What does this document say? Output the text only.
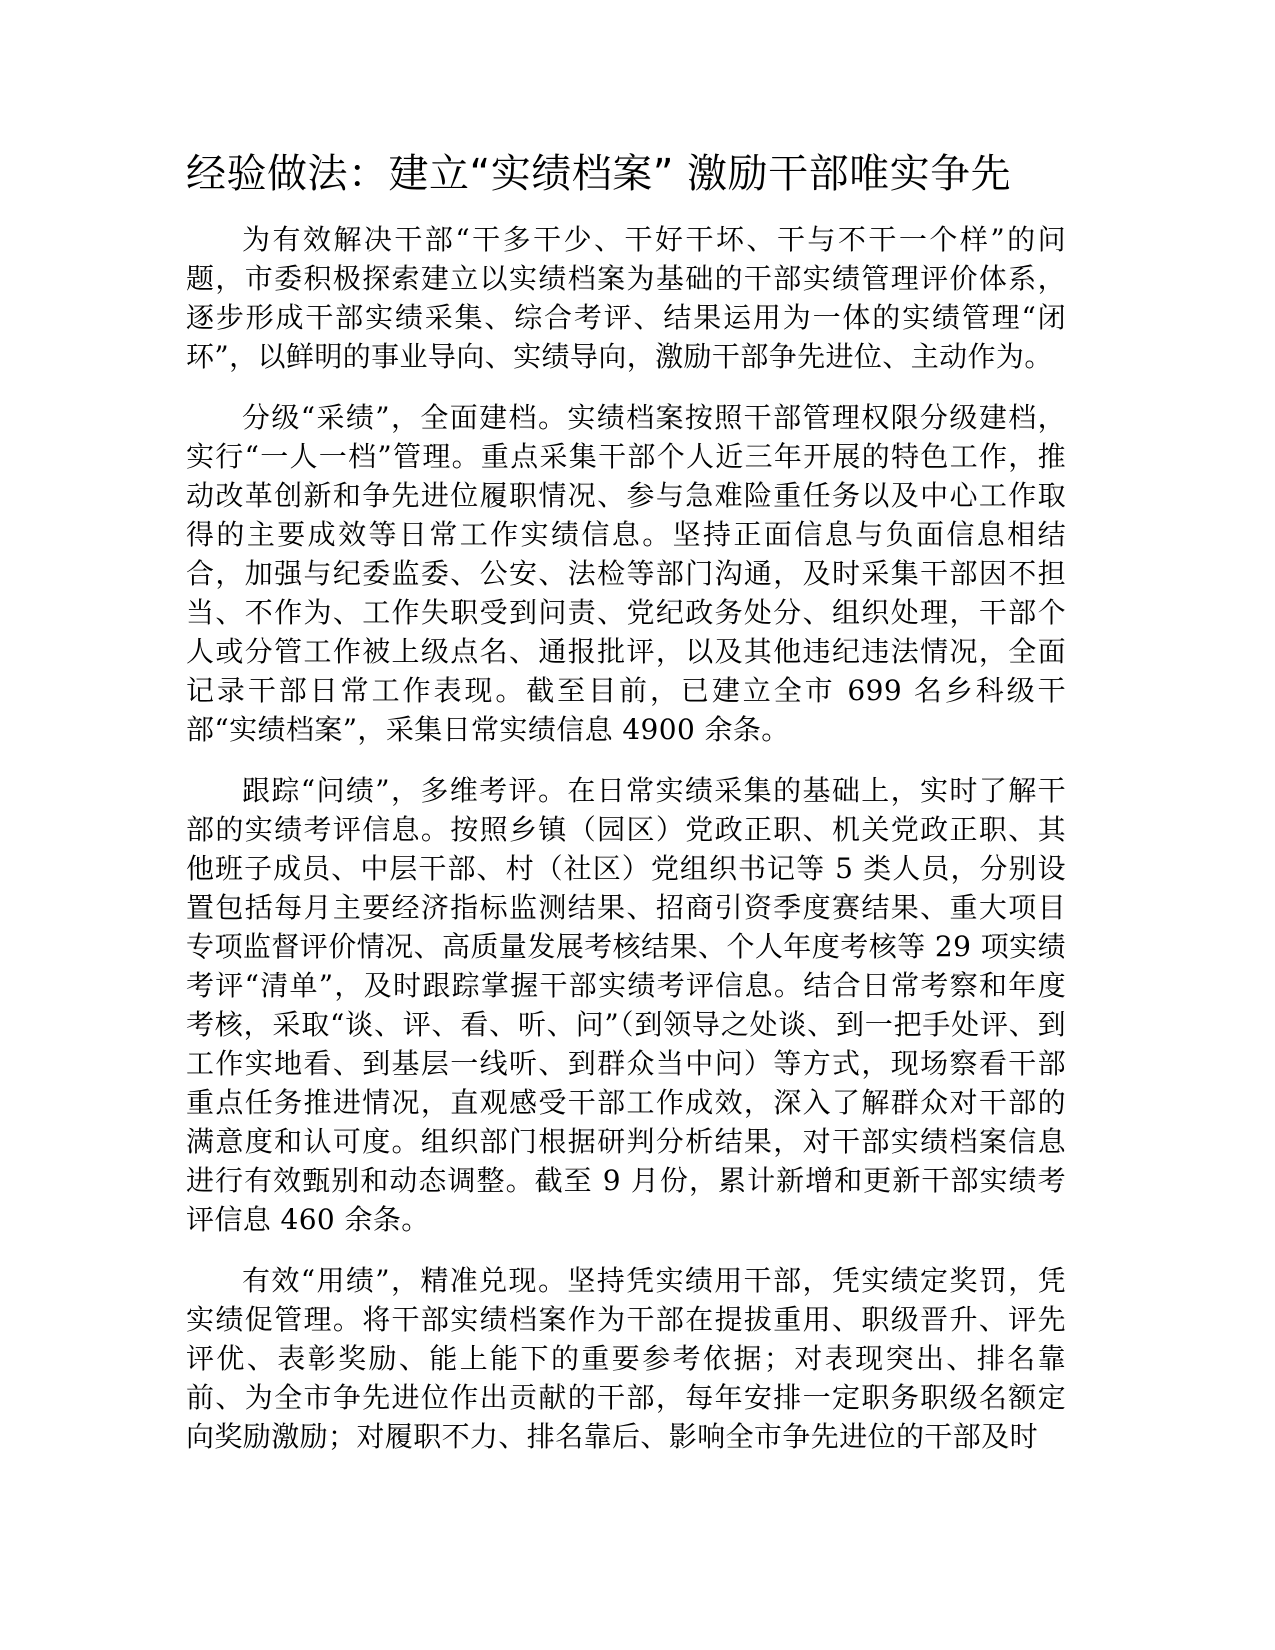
经验做法：建立“实绩档案” 激励干部唯实争先

为有效解决干部“干多干少、干好干坏、干与不干一个样”的问题，市委积极探索建立以实绩档案为基础的干部实绩管理评价体系，逐步形成干部实绩采集、综合考评、结果运用为一体的实绩管理“闭环”，以鲜明的事业导向、实绩导向，激励干部争先进位、主动作为。

分级“采绩”，全面建档。实绩档案按照干部管理权限分级建档，实行“一人一档”管理。重点采集干部个人近三年开展的特色工作，推动改革创新和争先进位履职情况、参与急难险重任务以及中心工作取得的主要成效等日常工作实绩信息。坚持正面信息与负面信息相结合，加强与纪委监委、公安、法检等部门沟通，及时采集干部因不担当、不作为、工作失职受到问责、党纪政务处分、组织处理，干部个人或分管工作被上级点名、通报批评，以及其他违纪违法情况，全面记录干部日常工作表现。截至目前，已建立全市 699 名乡科级干部“实绩档案”，采集日常实绩信息 4900 余条。

跟踪“问绩”，多维考评。在日常实绩采集的基础上，实时了解干部的实绩考评信息。按照乡镇（园区）党政正职、机关党政正职、其他班子成员、中层干部、村（社区）党组织书记等 5 类人员，分别设置包括每月主要经济指标监测结果、招商引资季度赛结果、重大项目专项监督评价情况、高质量发展考核结果、个人年度考核等 29 项实绩考评“清单”，及时跟踪掌握干部实绩考评信息。结合日常考察和年度考核，采取“谈、评、看、听、问”（到领导之处谈、到一把手处评、到工作实地看、到基层一线听、到群众当中问）等方式，现场察看干部重点任务推进情况，直观感受干部工作成效，深入了解群众对干部的满意度和认可度。组织部门根据研判分析结果，对干部实绩档案信息进行有效甄别和动态调整。截至 9 月份，累计新增和更新干部实绩考评信息 460 余条。

有效“用绩”，精准兑现。坚持凭实绩用干部，凭实绩定奖罚，凭实绩促管理。将干部实绩档案作为干部在提拔重用、职级晋升、评先评优、表彰奖励、能上能下的重要参考依据；对表现突出、排名靠前、为全市争先进位作出贡献的干部，每年安排一定职务职级名额定向奖励激励；对履职不力、排名靠后、影响全市争先进位的干部及时
